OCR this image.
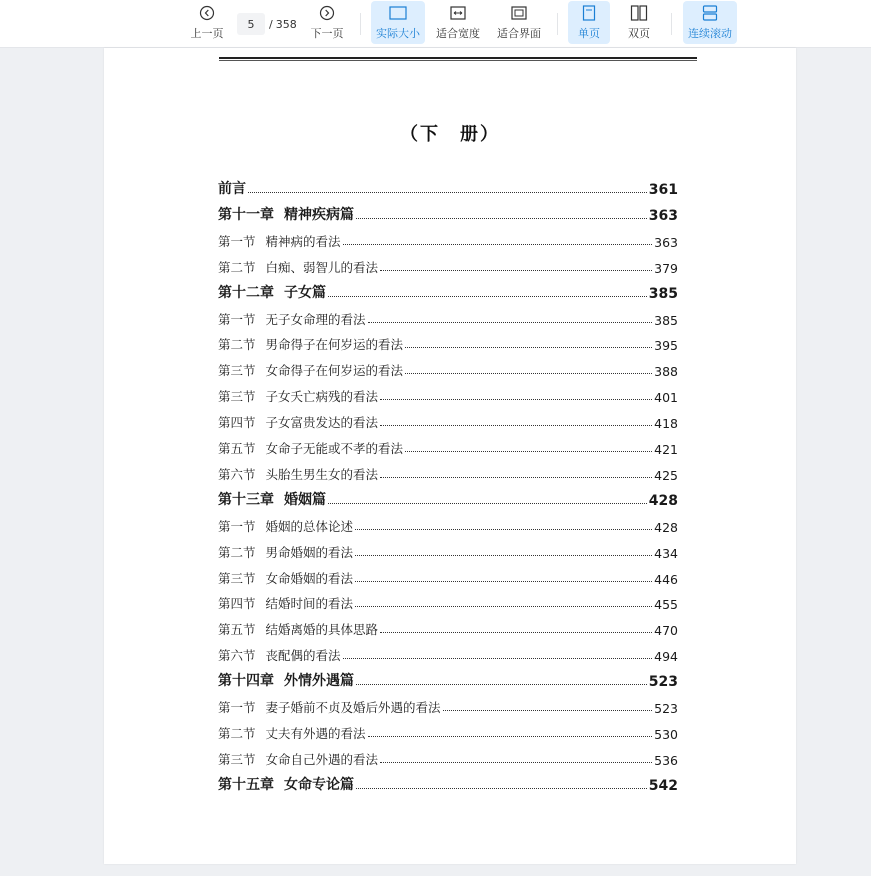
上一页
5
/ 358
下一页	实际大小 适合宽度 适合界面	单页	双页	连续滚动
（下　册）
前言	361
第十一章 精神疾病篇	363
第一节 精神病的看法	363
第二节 白痴、弱智儿的看法	379
第十二章 子女篇	385
第一节 无子女命理的看法	385
第二节 男命得子在何岁运的看法	395
第三节 女命得子在何岁运的看法	388
第三节 子女夭亡病残的看法	401
第四节 子女富贵发达的看法	418
第五节 女命子无能或不孝的看法	421
第六节 头胎生男生女的看法	425
第十三章 婚姻篇	428
第一节 婚姻的总体论述	428
第二节 男命婚姻的看法	434
第三节 女命婚姻的看法	446
第四节 结婚时间的看法	455
第五节 结婚离婚的具体思路	470
第六节 丧配偶的看法	494
第十四章 外情外遇篇	523
第一节 妻子婚前不贞及婚后外遇的看法	523
第二节 丈夫有外遇的看法	530
第三节 女命自己外遇的看法	536
第十五章 女命专论篇	542
